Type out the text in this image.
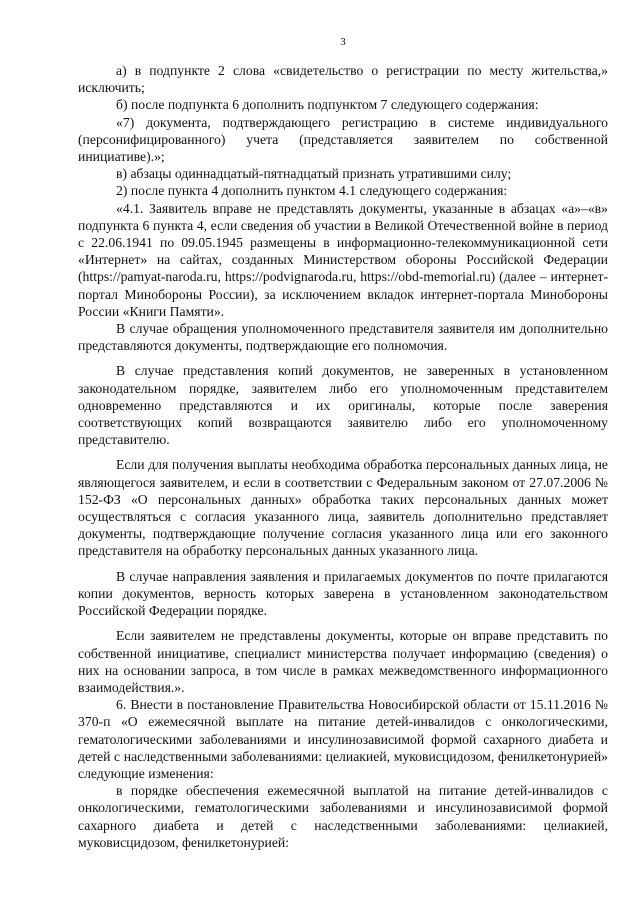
3

а) в подпункте 2 слова «свидетельство о регистрации по месту жительства,» исключить;

б) после подпункта 6 дополнить подпунктом 7 следующего содержания:

«7) документа, подтверждающего регистрацию в системе индивидуального (персонифицированного) учета (представляется заявителем по собственной инициативе).»;

в) абзацы одиннадцатый-пятнадцатый признать утратившими силу;

2) после пункта 4 дополнить пунктом 4.1 следующего содержания:

«4.1. Заявитель вправе не представлять документы, указанные в абзацах «а»–«в» подпункта 6 пункта 4, если сведения об участии в Великой Отечественной войне в период с 22.06.1941 по 09.05.1945 размещены в информационно-телекоммуникационной сети «Интернет» на сайтах, созданных Министерством обороны Российской Федерации (https://pamyat-naroda.ru, https://podvignaroda.ru, https://obd-memorial.ru) (далее – интернет-портал Минобороны России), за исключением вкладок интернет-портала Минобороны России «Книги Памяти».

В случае обращения уполномоченного представителя заявителя им дополнительно представляются документы, подтверждающие его полномочия.

В случае представления копий документов, не заверенных в установленном законодательном порядке, заявителем либо его уполномоченным представителем одновременно представляются и их оригиналы, которые после заверения соответствующих копий возвращаются заявителю либо его уполномоченному представителю.

Если для получения выплаты необходима обработка персональных данных лица, не являющегося заявителем, и если в соответствии с Федеральным законом от 27.07.2006 № 152-ФЗ «О персональных данных» обработка таких персональных данных может осуществляться с согласия указанного лица, заявитель дополнительно представляет документы, подтверждающие получение согласия указанного лица или его законного представителя на обработку персональных данных указанного лица.

В случае направления заявления и прилагаемых документов по почте прилагаются копии документов, верность которых заверена в установленном законодательством Российской Федерации порядке.

Если заявителем не представлены документы, которые он вправе представить по собственной инициативе, специалист министерства получает информацию (сведения) о них на основании запроса, в том числе в рамках межведомственного информационного взаимодействия.».

6. Внести в постановление Правительства Новосибирской области от 15.11.2016 № 370-п «О ежемесячной выплате на питание детей-инвалидов с онкологическими, гематологическими заболеваниями и инсулинозависимой формой сахарного диабета и детей с наследственными заболеваниями: целиакией, муковисцидозом, фенилкетонурией» следующие изменения:

в порядке обеспечения ежемесячной выплатой на питание детей-инвалидов с онкологическими, гематологическими заболеваниями и инсулинозависимой формой сахарного диабета и детей с наследственными заболеваниями: целиакией, муковисцидозом, фенилкетонурией:
